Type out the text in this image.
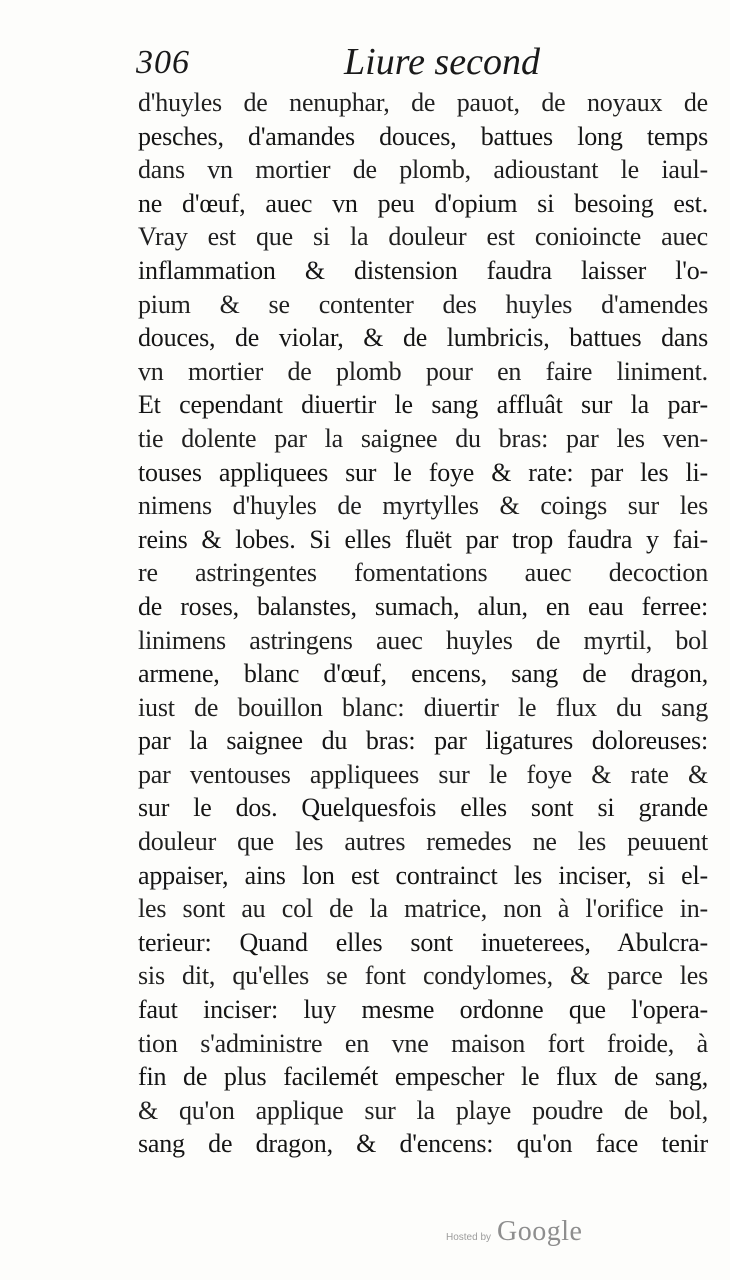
306	Liure second
d'huyles de nenuphar, de pauot, de noyaux de
pesches, d'amandes douces, battues long temps
dans vn mortier de plomb, adioustant le iaul-
ne d'œuf, auec vn peu d'opium si besoing est.
Vray est que si la douleur est conioincte auec
inflammation & distension faudra laisser l'o-
pium & se contenter des huyles d'amendes
douces, de violar, & de lumbricis, battues dans
vn mortier de plomb pour en faire liniment.
Et cependant diuertir le sang affluât sur la par-
tie dolente par la saignee du bras: par les ven-
touses appliquees sur le foye & rate: par les li-
nimens d'huyles de myrtylles & coings sur les
reins & lobes. Si elles fluët par trop faudra y fai-
re astringentes fomentations auec decoction
de roses, balanstes, sumach, alun, en eau ferree:
linimens astringens auec huyles de myrtil, bol
armene, blanc d'œuf, encens, sang de dragon,
iust de bouillon blanc: diuertir le flux du sang
par la saignee du bras: par ligatures doloreuses:
par ventouses appliquees sur le foye & rate &
sur le dos. Quelquesfois elles sont si grande
douleur que les autres remedes ne les peuuent
appaiser, ains lon est contrainct les inciser, si el-
les sont au col de la matrice, non à l'orifice in-
terieur: Quand elles sont inueterees, Abulcra-
sis dit, qu'elles se font condylomes, & parce les
faut inciser: luy mesme ordonne que l'opera-
tion s'administre en vne maison fort froide, à
fin de plus facilemét empescher le flux de sang,
& qu'on applique sur la playe poudre de bol,
sang de dragon, & d'encens: qu'on face tenir
Hosted by Google
